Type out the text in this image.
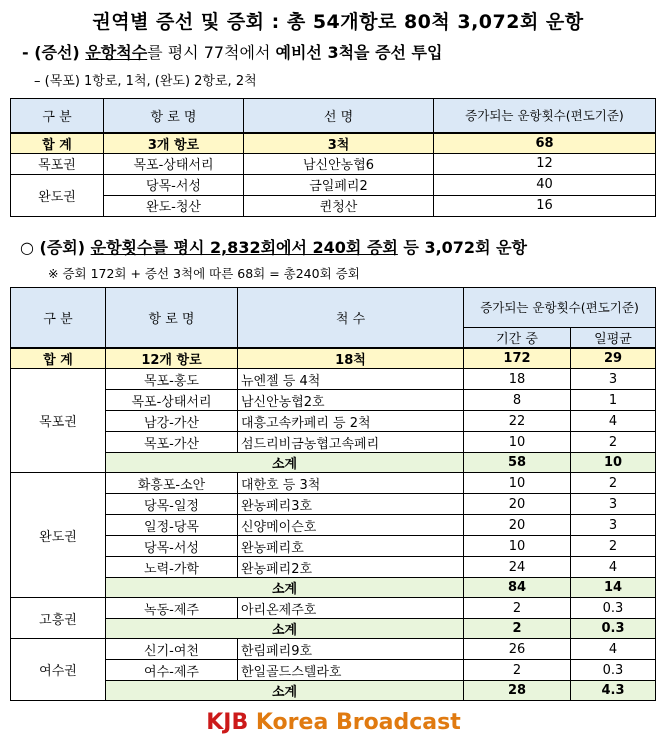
권역별 증선 및 증회 : 총 54개항로 80척 3,072회 운항
- (증선) 운항척수를 평시 77척에서 예비선 3척을 증선 투입
– (목포) 1항로, 1척, (완도) 2항로, 2척
구 분	항 로 명	선 명	증가되는 운항횟수(편도기준)
합 계	3개 항로	3척	68
목포권	목포-상태서리	남신안농협6	12
완도권	당목-서성	금일페리2	40
	완도-청산	퀸청산	16
○ (증회) 운항횟수를 평시 2,832회에서 240회 증회 등 3,072회 운항
※ 증회 172회 + 증선 3척에 따른 68회 = 총240회 증회
구 분	항 로 명	척 수	증가되는 운항횟수(편도기준)	
			기간 중	일평균
합 계	12개 항로	18척	172	29
목포권	목포-홍도	뉴엔젤 등 4척	18	3
	목포-상태서리	남신안농협2호	8	1
	남강-가산	대흥고속카페리 등 2척	22	4
	목포-가산	섬드리비금농협고속페리	10	2
	소계		58	10
완도권	화흥포-소안	대한호 등 3척	10	2
	당목-일정	완농페리3호	20	3
	일정-당목	신양메이슨호	20	3
	당목-서성	완농페리호	10	2
	노력-가학	완농페리2호	24	4
	소계		84	14
고흥권	녹동-제주	아리온제주호	2	0.3
	소계		2	0.3
여수권	신기-여천	한림페리9호	26	4
	여수-제주	한일골드스텔라호	2	0.3
	소계		28	4.3
KJB Korea Broadcast
